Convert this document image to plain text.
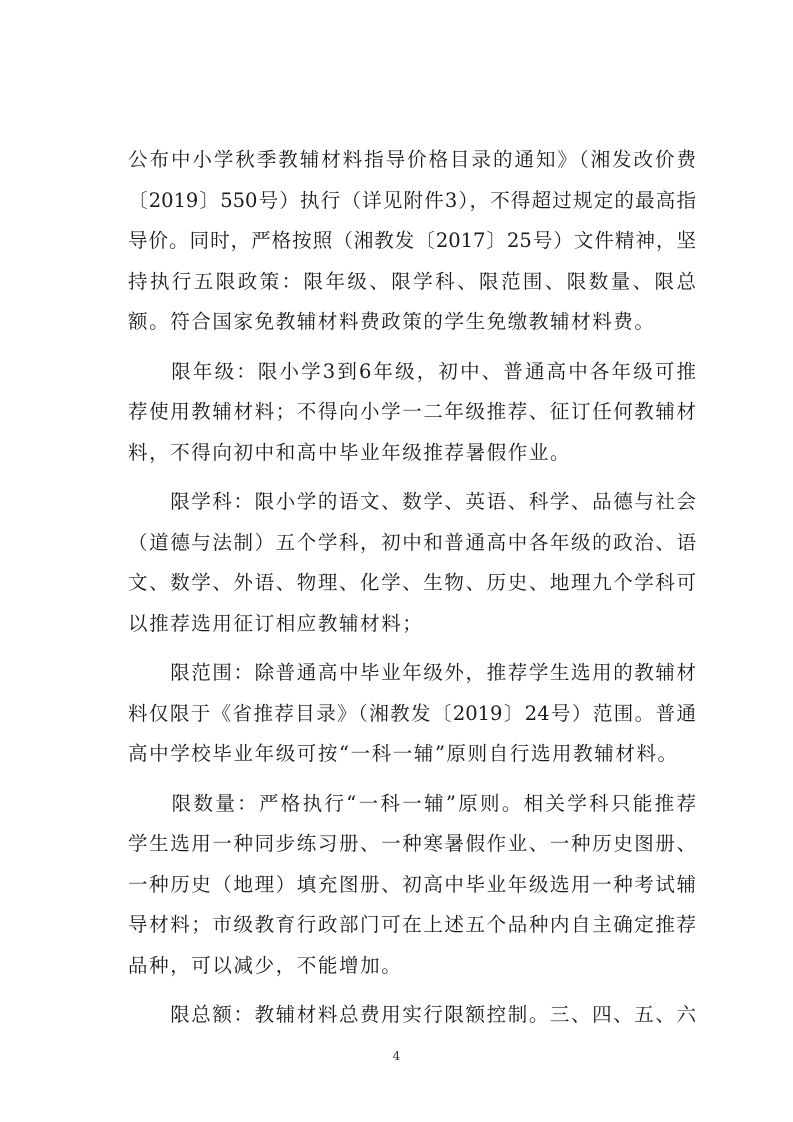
公布中小学秋季教辅材料指导价格目录的通知》（湘发改价费
〔2019〕550号）执行（详见附件3），不得超过规定的最高指
导价。同时，严格按照（湘教发〔2017〕25号）文件精神，坚
持执行五限政策：限年级、限学科、限范围、限数量、限总
额。符合国家免教辅材料费政策的学生免缴教辅材料费。
　　限年级：限小学3到6年级，初中、普通高中各年级可推
荐使用教辅材料；不得向小学一二年级推荐、征订任何教辅材
料，不得向初中和高中毕业年级推荐暑假作业。
　　限学科：限小学的语文、数学、英语、科学、品德与社会
（道德与法制）五个学科，初中和普通高中各年级的政治、语
文、数学、外语、物理、化学、生物、历史、地理九个学科可
以推荐选用征订相应教辅材料；
　　限范围：除普通高中毕业年级外，推荐学生选用的教辅材
料仅限于《省推荐目录》（湘教发〔2019〕24号）范围。普通
高中学校毕业年级可按“一科一辅”原则自行选用教辅材料。
　　限数量：严格执行“一科一辅”原则。相关学科只能推荐
学生选用一种同步练习册、一种寒暑假作业、一种历史图册、
一种历史（地理）填充图册、初高中毕业年级选用一种考试辅
导材料；市级教育行政部门可在上述五个品种内自主确定推荐
品种，可以减少，不能增加。
　　限总额：教辅材料总费用实行限额控制。三、四、五、六
4
